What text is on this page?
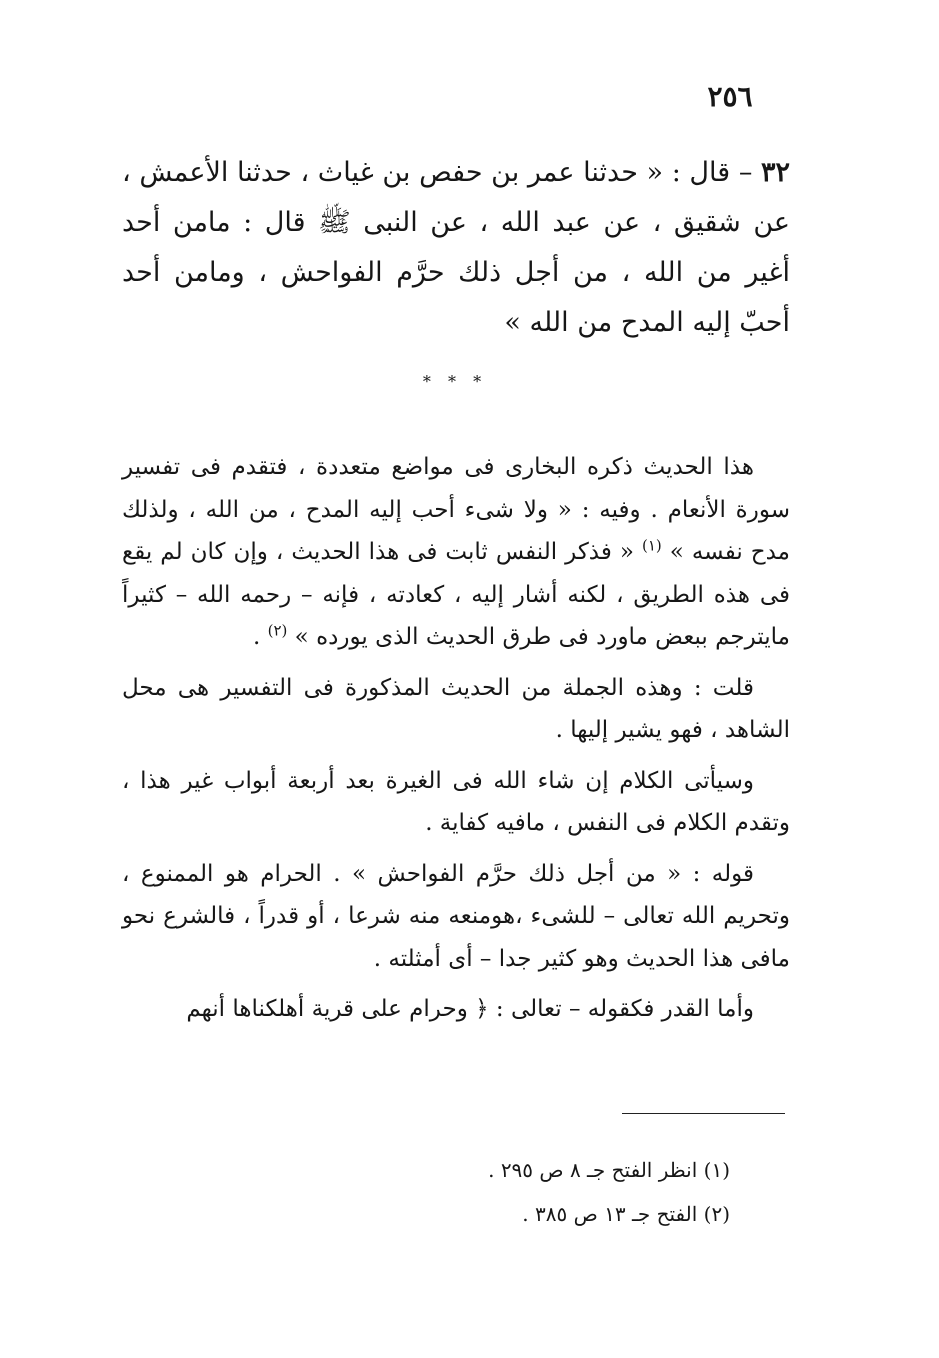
٢٥٦
٣٢ – قال : « حدثنا عمر بن حفص بن غياث ، حدثنا الأعمش ، عن شقيق ، عن عبد الله ، عن النبى ﷺ قال : مامن أحد أغير من الله ، من أجل ذلك حرَّم الفواحش ، ومامن أحد أحبّ إليه المدح من الله »
* * *

هذا الحديث ذكره البخارى فى مواضع متعددة ، فتقدم فى تفسير سورة الأنعام . وفيه : « ولا شىء أحب إليه المدح ، من الله ، ولذلك مدح نفسه » $^{(١)}$ « فذكر النفس ثابت فى هذا الحديث ، وإن كان لم يقع فى هذه الطريق ، لكنه أشار إليه ، كعادته ، فإنه – رحمه الله – كثيراً مايترجم ببعض ماورد فى طرق الحديث الذى يورده » $^{(٢)}$ .

قلت : وهذه الجملة من الحديث المذكورة فى التفسير هى محل الشاهد ، فهو يشير إليها .

وسيأتى الكلام إن شاء الله فى الغيرة بعد أربعة أبواب غير هذا ، وتقدم الكلام فى النفس ، مافيه كفاية .

قوله : « من أجل ذلك حرَّم الفواحش » . الحرام هو الممنوع ، وتحريم الله تعالى – للشىء ،هومنعه منه شرعا ، أو قدراً ، فالشرع نحو مافى هذا الحديث وهو كثير جدا – أى أمثلته .

وأما القدر فكقوله – تعالى : ﴿ وحرام على قرية أهلكناها أنهم

(١) انظر الفتح جـ ٨ ص ٢٩٥ .
(٢) الفتح جـ ١٣ ص ٣٨٥ .
